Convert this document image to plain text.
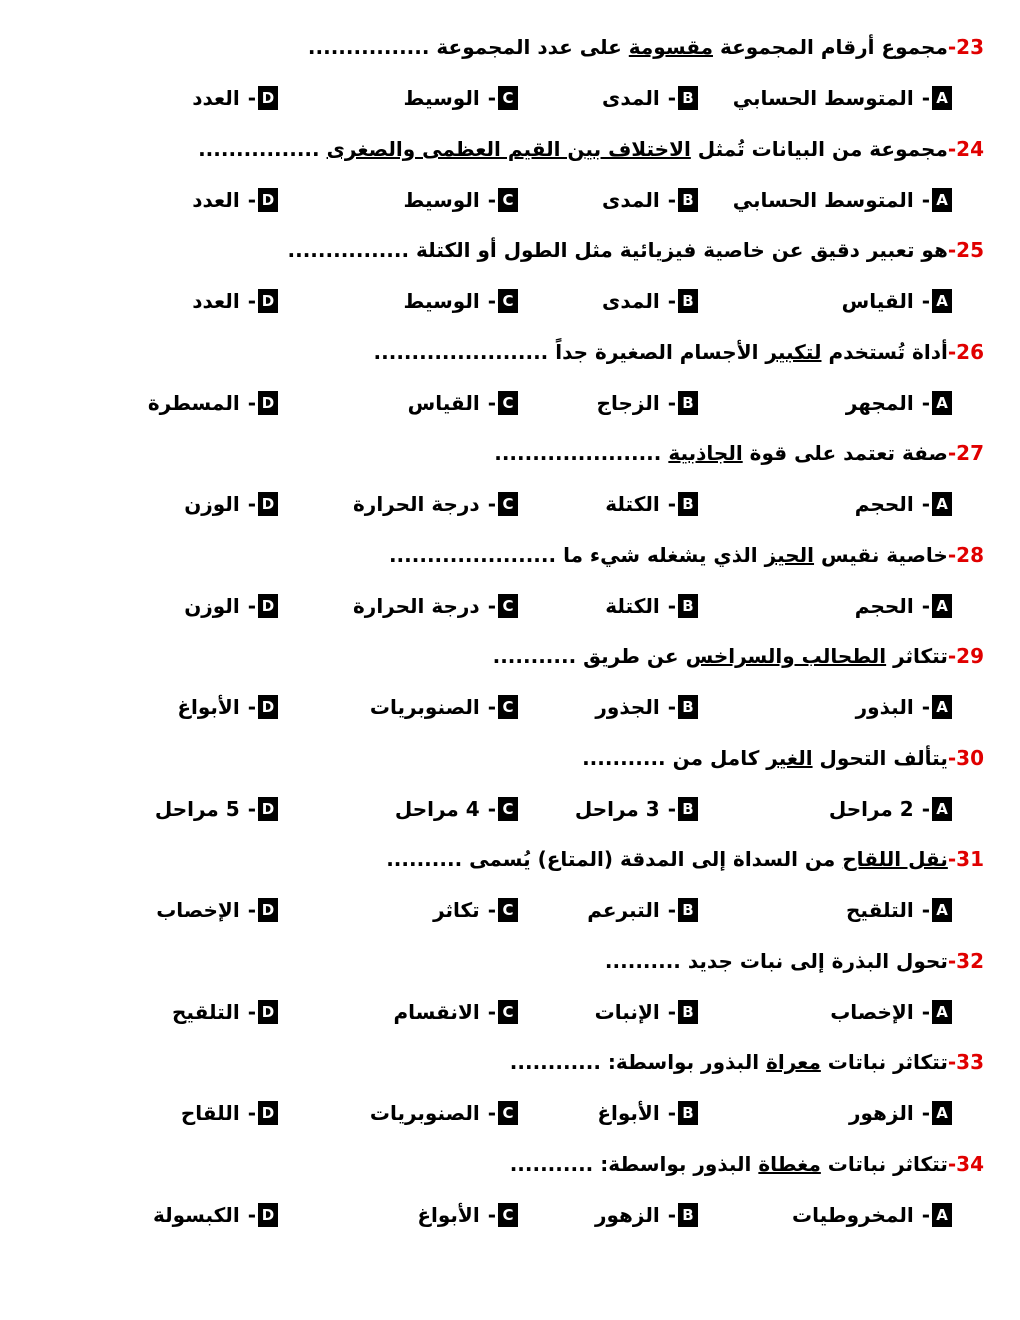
23-
مجموع أرقام المجموعة مقسومة على عدد المجموعة ................
A
-
المتوسط الحسابي
B
-
المدى
C
-
الوسيط
D
-
العدد
24-
مجموعة من البيانات تُمثل الاختلاف بين القيم العظمى والصغرى ................
A
-
المتوسط الحسابي
B
-
المدى
C
-
الوسيط
D
-
العدد
25-
هو تعبير دقيق عن خاصية فيزيائية مثل الطول أو الكتلة ................
A
-
القياس
B
-
المدى
C
-
الوسيط
D
-
العدد
26-
أداة تُستخدم لتكبير الأجسام الصغيرة جداً .......................
A
-
المجهر
B
-
الزجاج
C
-
القياس
D
-
المسطرة
27-
صفة تعتمد على قوة الجاذبية ......................
A
-
الحجم
B
-
الكتلة
C
-
درجة الحرارة
D
-
الوزن
28-
خاصية نقيس الحيز الذي يشغله شيء ما ......................
A
-
الحجم
B
-
الكتلة
C
-
درجة الحرارة
D
-
الوزن
29-
تتكاثر الطحالب والسراخس عن طريق ...........
A
-
البذور
B
-
الجذور
C
-
الصنوبريات
D
-
الأبواغ
30-
يتألف التحول الغير كامل من ...........
A
-
2 مراحل
B
-
3 مراحل
C
-
4 مراحل
D
-
5 مراحل
31-
نقل اللقاح من السداة إلى المدقة (المتاع) يُسمى ..........
A
-
التلقيح
B
-
التبرعم
C
-
تكاثر
D
-
الإخصاب
32-
تحول البذرة إلى نبات جديد ..........
A
-
الإخصاب
B
-
الإنبات
C
-
الانقسام
D
-
التلقيح
33-
تتكاثر نباتات معراة البذور بواسطة: ............
A
-
الزهور
B
-
الأبواغ
C
-
الصنوبريات
D
-
اللقاح
34-
تتكاثر نباتات مغطاة البذور بواسطة: ...........
A
-
المخروطيات
B
-
الزهور
C
-
الأبواغ
D
-
الكبسولة
